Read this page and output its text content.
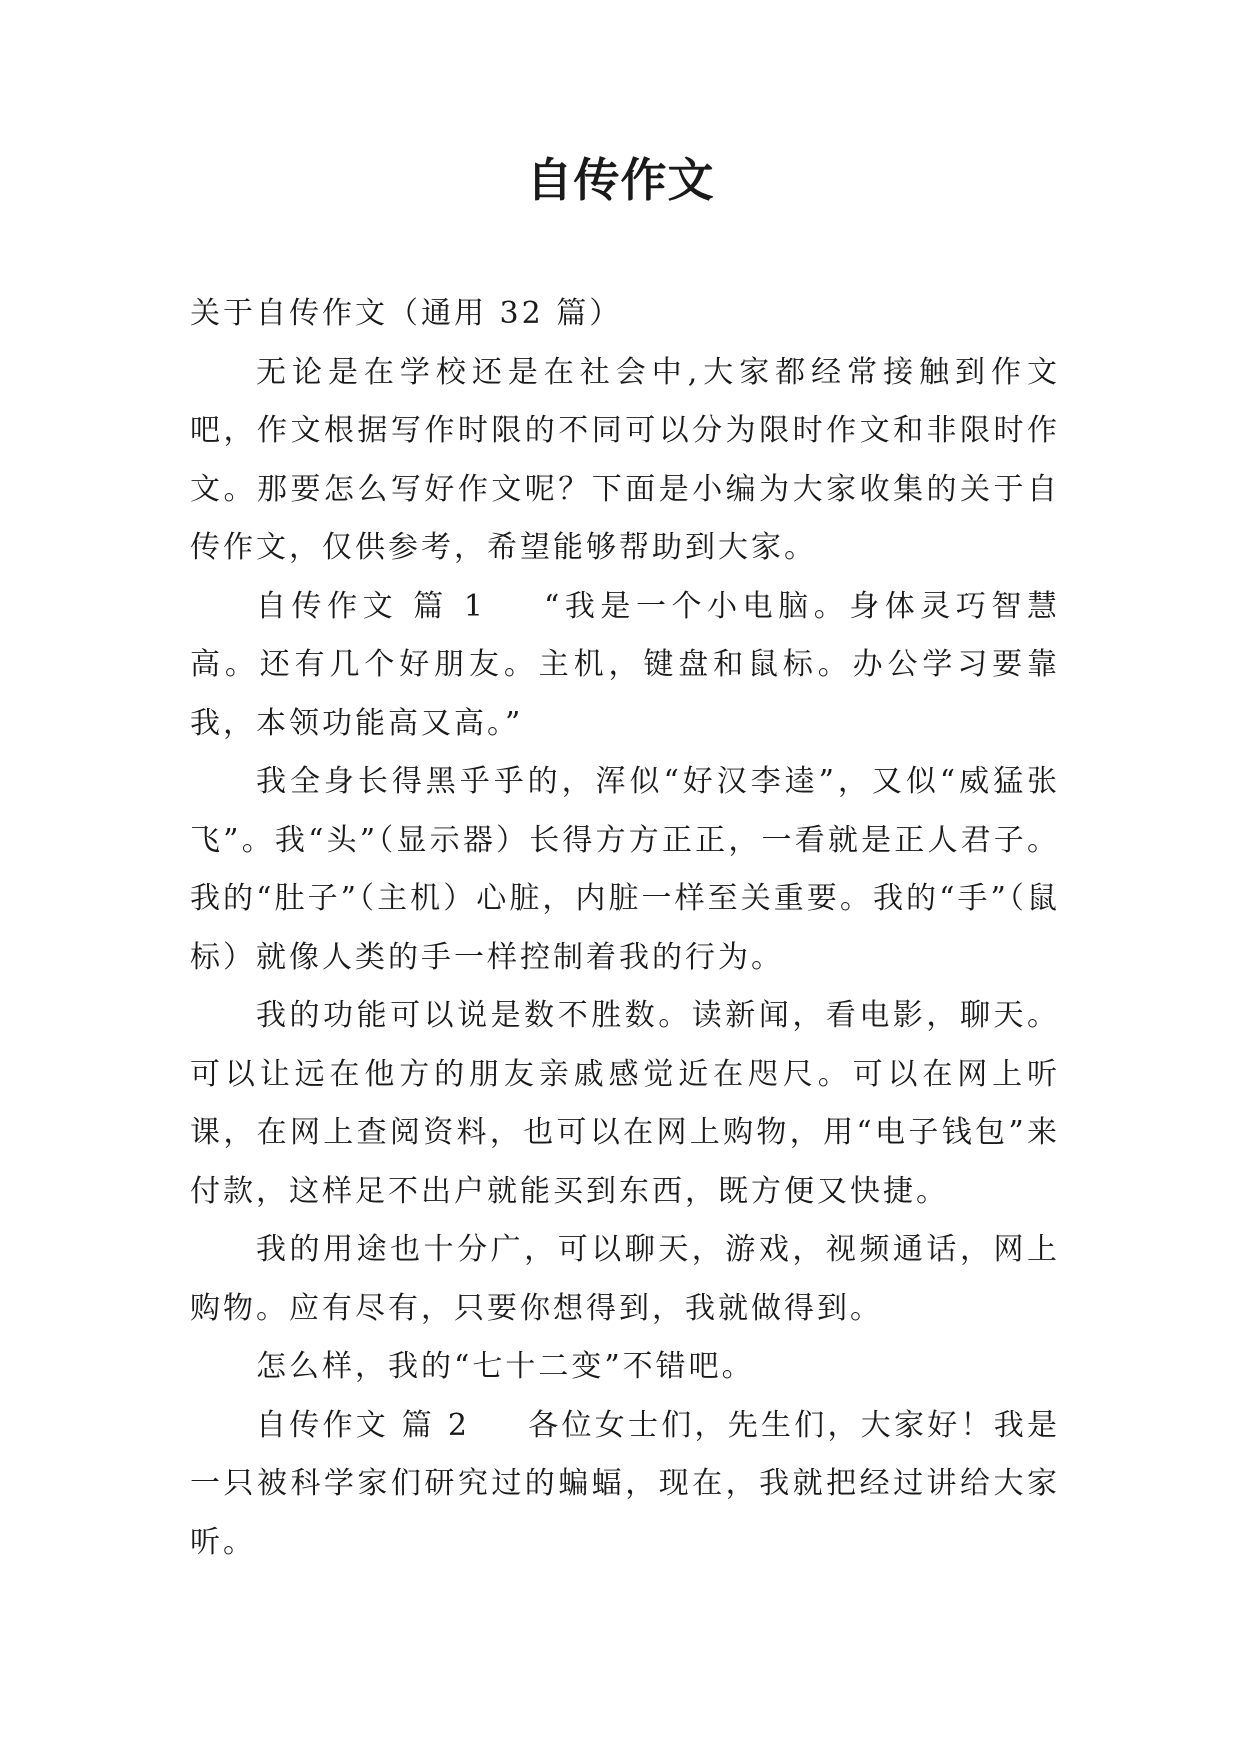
自传作文

关于自传作文（通用 32 篇）

无论是在学校还是在社会中,大家都经常接触到作文吧，作文根据写作时限的不同可以分为限时作文和非限时作文。那要怎么写好作文呢？下面是小编为大家收集的关于自传作文，仅供参考，希望能够帮助到大家。

自传作文 篇 1 “我是一个小电脑。身体灵巧智慧高。还有几个好朋友。主机，键盘和鼠标。办公学习要靠我，本领功能高又高。”

我全身长得黑乎乎的，浑似“好汉李逵”，又似“威猛张飞”。我“头”（显示器）长得方方正正，一看就是正人君子。我的“肚子”（主机）心脏，内脏一样至关重要。我的“手”（鼠标）就像人类的手一样控制着我的行为。

我的功能可以说是数不胜数。读新闻，看电影，聊天。可以让远在他方的朋友亲戚感觉近在咫尺。可以在网上听课，在网上查阅资料，也可以在网上购物，用“电子钱包”来付款，这样足不出户就能买到东西，既方便又快捷。

我的用途也十分广，可以聊天，游戏，视频通话，网上购物。应有尽有，只要你想得到，我就做得到。

怎么样，我的“七十二变”不错吧。

自传作文 篇 2 各位女士们，先生们，大家好！我是一只被科学家们研究过的蝙蝠，现在，我就把经过讲给大家听。
